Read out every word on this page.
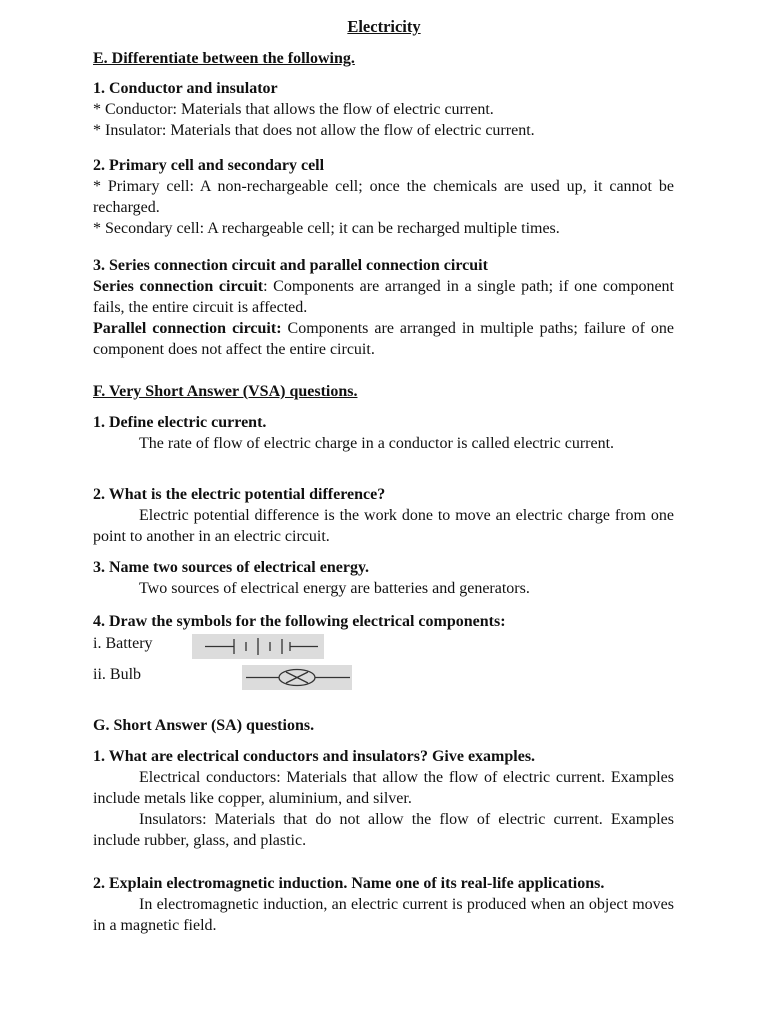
Electricity
E. Differentiate between the following.
1. Conductor and insulator
* Conductor: Materials that allows the flow of electric current.
* Insulator: Materials that does not allow the flow of electric current.
2. Primary cell and secondary cell
* Primary cell: A non-rechargeable cell; once the chemicals are used up, it cannot be recharged.
* Secondary cell: A rechargeable cell; it can be recharged multiple times.
3. Series connection circuit and parallel connection circuit
Series connection circuit: Components are arranged in a single path; if one component fails, the entire circuit is affected.
Parallel connection circuit: Components are arranged in multiple paths; failure of one component does not affect the entire circuit.
F. Very Short Answer (VSA) questions.
1. Define electric current.
The rate of flow of electric charge in a conductor is called electric current.
2. What is the electric potential difference?
Electric potential difference is the work done to move an electric charge from one point to another in an electric circuit.
3. Name two sources of electrical energy.
Two sources of electrical energy are batteries and generators.
4. Draw the symbols for the following electrical components:
i. Battery
ii. Bulb
G. Short Answer (SA) questions.
1. What are electrical conductors and insulators? Give examples.
Electrical conductors: Materials that allow the flow of electric current. Examples include metals like copper, aluminium, and silver.
Insulators: Materials that do not allow the flow of electric current. Examples include rubber, glass, and plastic.
2. Explain electromagnetic induction. Name one of its real-life applications.
In electromagnetic induction, an electric current is produced when an object moves in a magnetic field.
